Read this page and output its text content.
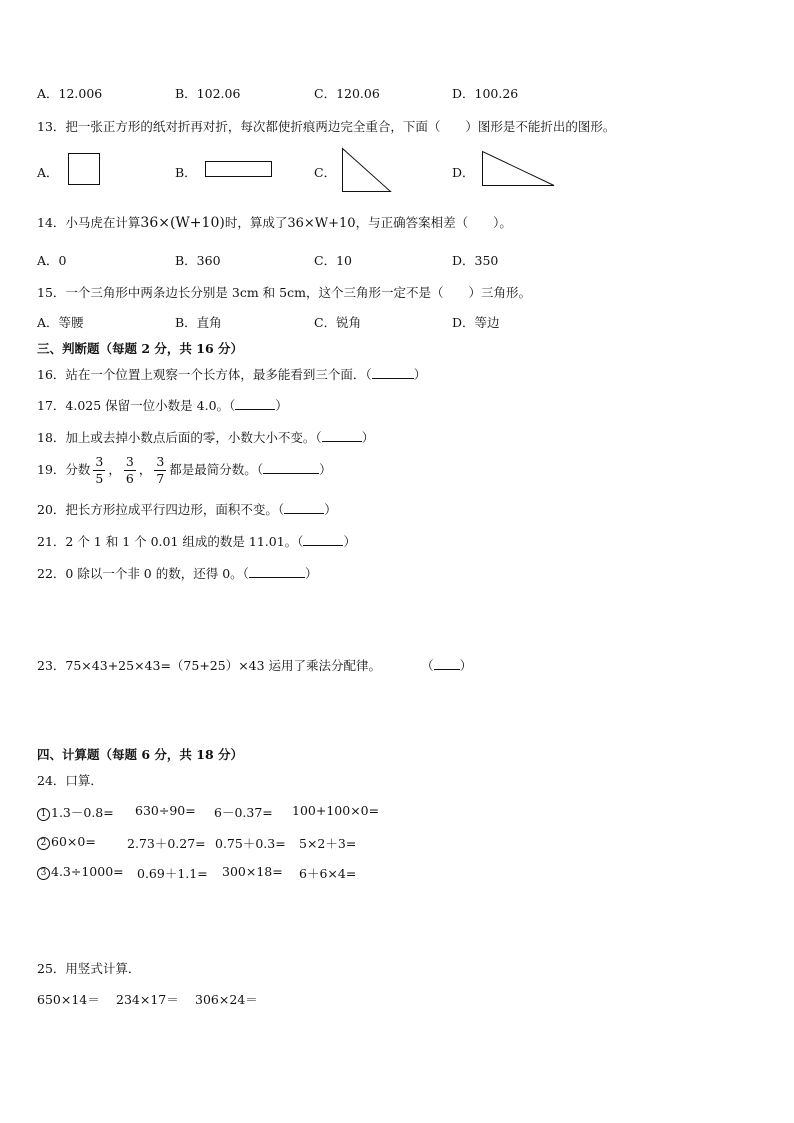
A．12.006	B．102.06	C．120.06	D．100.26
13．把一张正方形的纸对折再对折，每次都使折痕两边完全重合，下面（　　）图形是不能折出的图形。
A．	B．	C．	D．
14．小马虎在计算36×(W+10)时，算成了36×W+10，与正确答案相差（　　）。
A．0	B．360	C．10	D．350
15．一个三角形中两条边长分别是 3cm 和 5cm，这个三角形一定不是（　　）三角形。
A．等腰	B．直角	C．锐角	D．等边
三、判断题（每题 2 分，共 16 分）
16．站在一个位置上观察一个长方体，最多能看到三个面．（	）
17．4.025 保留一位小数是 4.0。（	）
18．加上或去掉小数点后面的零，小数大小不变。（	）
19．分数 $\frac{3}{5}$ ， $\frac{3}{6}$ ， $\frac{3}{7}$ 都是最简分数。（	）
20．把长方形拉成平行四边形，面积不变。（	）
21．2 个 1 和 1 个 0.01 组成的数是 11.01。（	）
22．0 除以一个非 0 的数，还得 0。（	）
23．75×43+25×43=（75+25）×43 运用了乘法分配律。	（ ）
四、计算题（每题 6 分，共 18 分）
24．口算．
1 1.3－0.8= 630÷90= 6－0.37= 100+100×0=
2 60×0= 2.73＋0.27= 0.75＋0.3= 5×2＋3=
3 4.3÷1000= 0.69＋1.1= 300×18= 6＋6×4=
25．用竖式计算．
650×14＝ 234×17＝ 306×24＝
